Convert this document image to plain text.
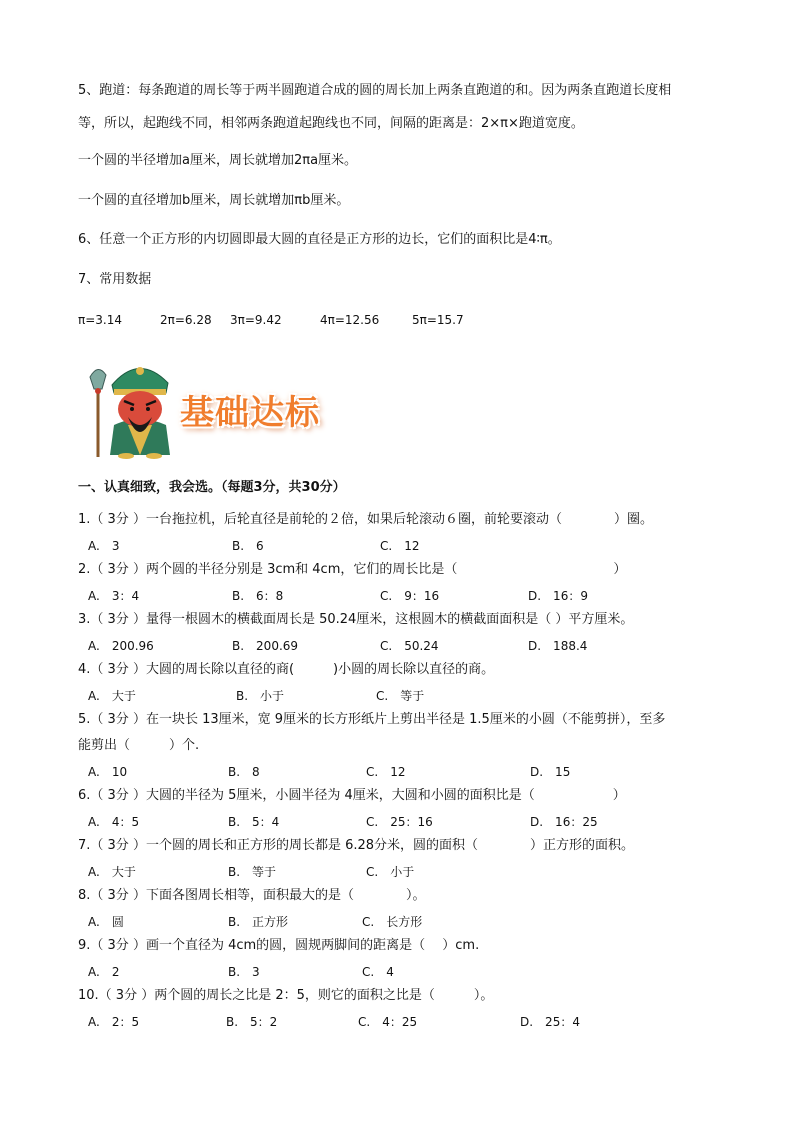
5、跑道：每条跑道的周长等于两半圆跑道合成的圆的周长加上两条直跑道的和。因为两条直跑道长度相
等，所以，起跑线不同，相邻两条跑道起跑线也不同，间隔的距离是：2×π×跑道宽度。
一个圆的半径增加a厘米，周长就增加2πa厘米。
一个圆的直径增加b厘米，周长就增加πb厘米。
6、任意一个正方形的内切圆即最大圆的直径是正方形的边长，它们的面积比是4∶π。
7、常用数据
π=3.14	2π=6.28 3π=9.42	4π=12.56	5π=15.7
基础达标
一、认真细致，我会选。（每题3分，共30分）
1.（ 3分 ）一台拖拉机，后轮直径是前轮的２倍，如果后轮滚动６圈，前轮要滚动（　　　　）圈。
A.　3	B.　6	C.　12
2.（ 3分 ）两个圆的半径分别是 3cm和 4cm，它们的周长比是（　　　　　　　　　　　　）
A.　3：4	B.　6：8	C.　9：16	D.　16：9
3.（ 3分 ）量得一根圆木的横截面周长是 50.24厘米，这根圆木的横截面面积是（ ）平方厘米。
A.　200.96	B.　200.69	C.　50.24	D.　188.4
4.（ 3分 ）大圆的周长除以直径的商(　　　)小圆的周长除以直径的商。
A.　大于	B.　小于	C.　等于
5.（ 3分 ）在一块长 13厘米，宽 9厘米的长方形纸片上剪出半径是 1.5厘米的小圆（不能剪拼），至多
能剪出（　　　）个.
A.　10	B.　8	C.　12	D.　15
6.（ 3分 ）大圆的半径为 5厘米，小圆半径为 4厘米，大圆和小圆的面积比是（　　　　　　）
A.　4：5	B.　5：4	C.　25：16	D.　16：25
7.（ 3分 ）一个圆的周长和正方形的周长都是 6.28分米，圆的面积（　　　　）正方形的面积。
A.　大于	B.　等于	C.　小于
8.（ 3分 ）下面各图周长相等，面积最大的是（　　　　）。
A.　圆	B.　正方形	C.　长方形
9.（ 3分 ）画一个直径为 4cm的圆，圆规两脚间的距离是（　 ）cm.
A.　2	B.　3	C.　4
10.（ 3分 ）两个圆的周长之比是 2：5，则它的面积之比是（　　　）。
A.　2：5	B.　5：2	C.　4：25	D.　25：4
